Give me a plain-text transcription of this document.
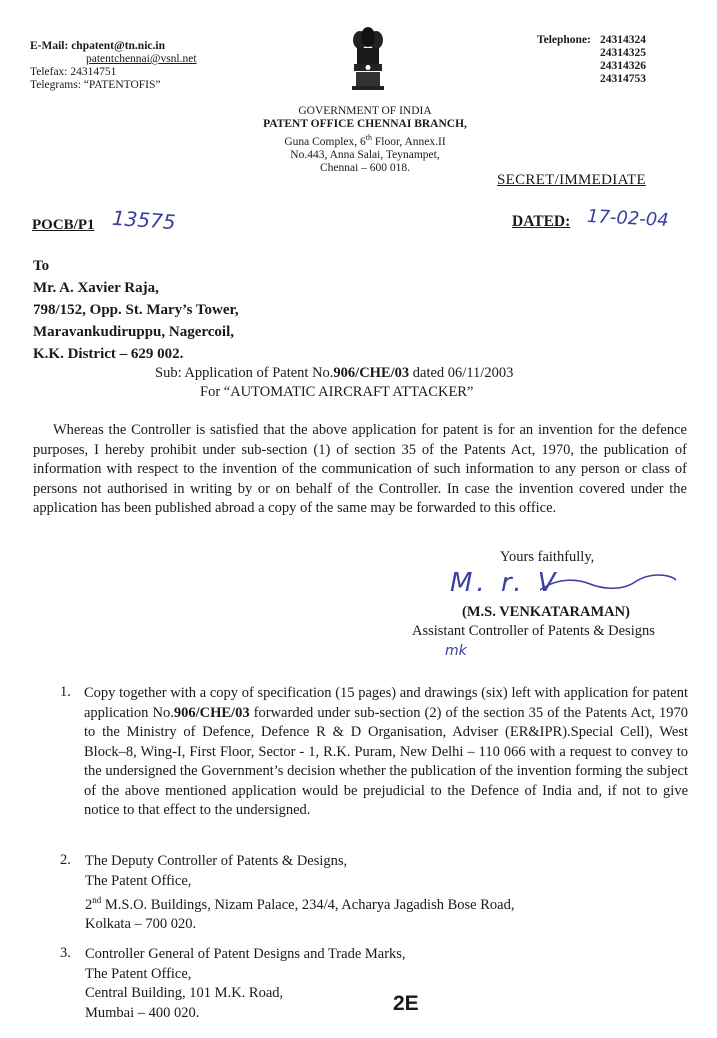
E-Mail: chpatent@tn.nic.in
patentchennai@vsnl.net
Telefax: 24314751
Telegrams: “PATENTOFIS”
Telephone: 24314324
24314325
24314326
24314753
GOVERNMENT OF INDIA
PATENT OFFICE CHENNAI BRANCH,
Guna Complex, 6th Floor, Annex.II
No.443, Anna Salai, Teynampet,
Chennai – 600 018.
SECRET/IMMEDIATE
POCB/P1 13575	DATED: 17-02-04
To
Mr. A. Xavier Raja,
798/152, Opp. St. Mary’s Tower,
Maravankudiruppu, Nagercoil,
K.K. District – 629 002.
Sub: Application of Patent No.906/CHE/03 dated 06/11/2003
For “AUTOMATIC AIRCRAFT ATTACKER”
Whereas the Controller is satisfied that the above application for patent is for an invention for the defence purposes, I hereby prohibit under sub-section (1) of section 35 of the Patents Act, 1970, the publication of information with respect to the invention of the communication of such information to any person or class of persons not authorised in writing by or on behalf of the Controller. In case the invention covered under the application has been published abroad a copy of the same may be forwarded to this office.
Yours faithfully,
M. r. V
(M.S. VENKATARAMAN)
Assistant Controller of Patents & Designs
mk
1. Copy together with a copy of specification (15 pages) and drawings (six) left with application for patent application No.906/CHE/03 forwarded under sub-section (2) of the section 35 of the Patents Act, 1970 to the Ministry of Defence, Defence R & D Organisation, Adviser (ER&IPR).Special Cell), West Block–8, Wing-I, First Floor, Sector - 1, R.K. Puram, New Delhi – 110 066 with a request to convey to the undersigned the Government’s decision whether the publication of the invention forming the subject of the above mentioned application would be prejudicial to the Defence of India and, if not to give notice to that effect to the undersigned.
2. The Deputy Controller of Patents & Designs,
The Patent Office,
2nd M.S.O. Buildings, Nizam Palace, 234/4, Acharya Jagadish Bose Road,
Kolkata – 700 020.
3. Controller General of Patent Designs and Trade Marks,
The Patent Office,
Central Building, 101 M.K. Road,
Mumbai – 400 020.	2E
